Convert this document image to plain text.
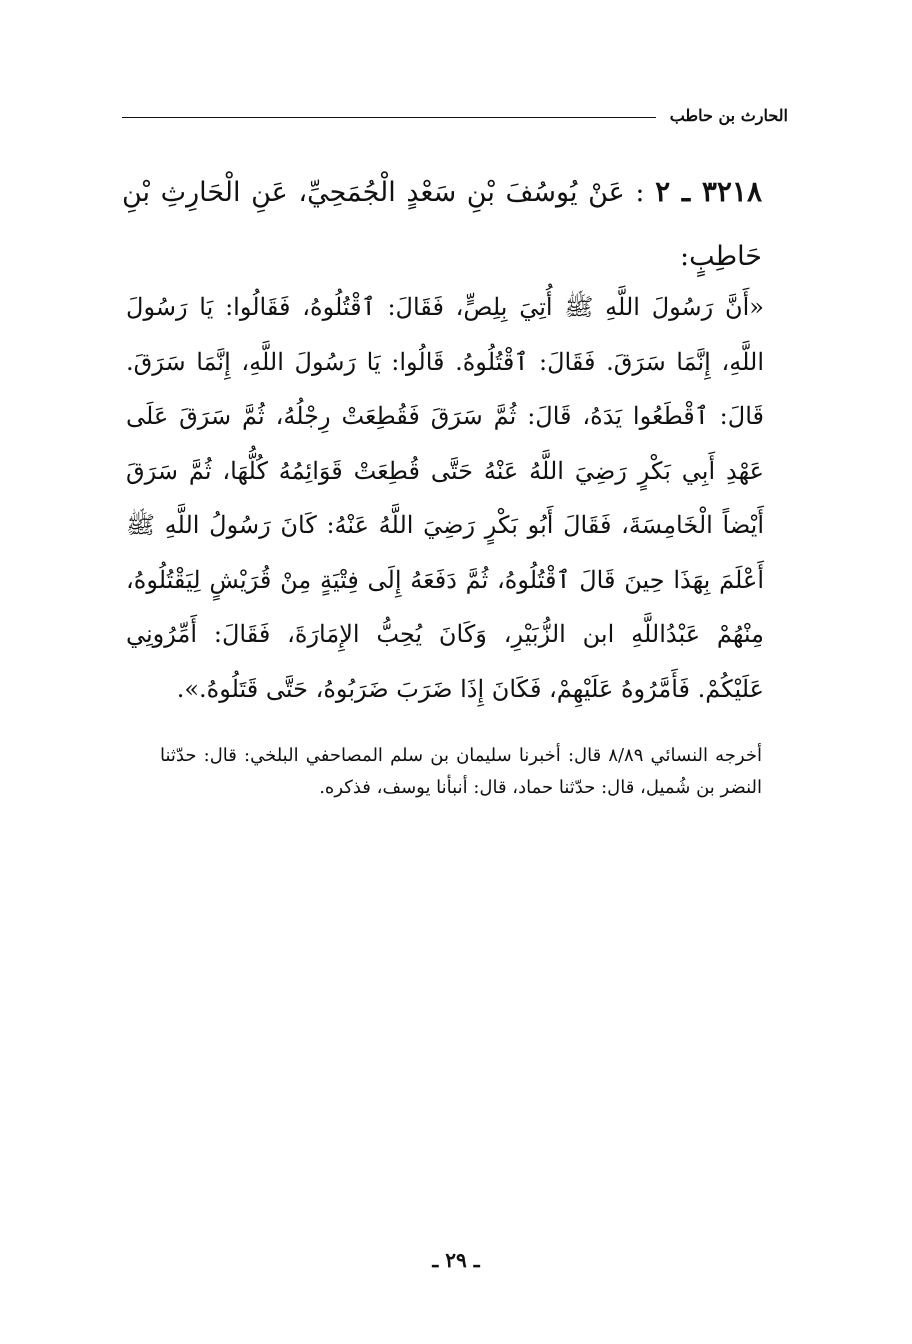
الحارث بن حاطب
٣٢١٨ ـ ٢ : عَنْ يُوسُفَ بْنِ سَعْدٍ الْجُمَحِيِّ، عَنِ الْحَارِثِ بْنِ حَاطِبٍ:
«أَنَّ رَسُولَ اللَّهِ ﷺ أُتِيَ بِلِصٍّ، فَقَالَ: ٱقْتُلُوهُ، فَقَالُوا: يَا رَسُولَ اللَّهِ، إِنَّمَا سَرَقَ. فَقَالَ: ٱقْتُلُوهُ. قَالُوا: يَا رَسُولَ اللَّهِ، إِنَّمَا سَرَقَ. قَالَ: ٱقْطَعُوا يَدَهُ، قَالَ: ثُمَّ سَرَقَ فَقُطِعَتْ رِجْلُهُ، ثُمَّ سَرَقَ عَلَى عَهْدِ أَبِي بَكْرٍ رَضِيَ اللَّهُ عَنْهُ حَتَّى قُطِعَتْ قَوَائِمُهُ كُلُّهَا، ثُمَّ سَرَقَ أَيْضاً الْخَامِسَةَ، فَقَالَ أَبُو بَكْرٍ رَضِيَ اللَّهُ عَنْهُ: كَانَ رَسُولُ اللَّهِ ﷺ أَعْلَمَ بِهَذَا حِينَ قَالَ ٱقْتُلُوهُ، ثُمَّ دَفَعَهُ إِلَى فِتْيَةٍ مِنْ قُرَيْشٍ لِيَقْتُلُوهُ، مِنْهُمْ عَبْدُاللَّهِ ابن الزُّبَيْرِ، وَكَانَ يُحِبُّ الإِمَارَةَ، فَقَالَ: أَمِّرُونِي عَلَيْكُمْ. فَأَمَّرُوهُ عَلَيْهِمْ، فَكَانَ إِذَا ضَرَبَ ضَرَبُوهُ، حَتَّى قَتَلُوهُ.».
أخرجه النسائي ٨/٨٩ قال: أخبرنا سليمان بن سلم المصاحفي البلخي: قال: حدّثنا النضر بن شُميل، قال: حدّثنا حماد، قال: أنبأنا يوسف، فذكره.
ـ ٢٩ ـ
